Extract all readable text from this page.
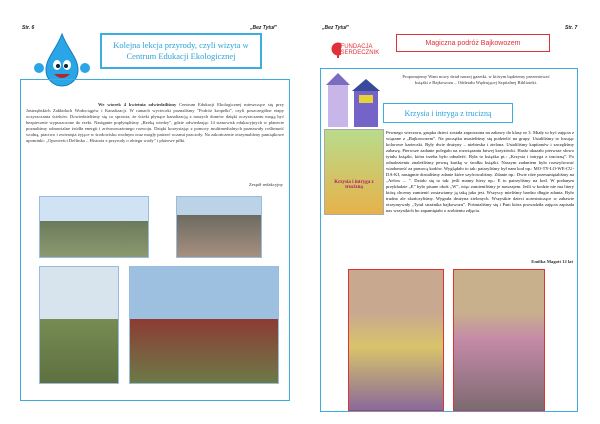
Str. 6	„Bez Tytuł”
Kolejna lekcja przyrody, czyli wizyta w Centrum Edukacji Ekologicznej
We wtorek 4 kwietnia odwiedziliśmy Centrum Edukacji Ekologicznej mieszczące się przy Jastrzębskich Zakładach Wodociągów i Kanalizacji. W ramach wycieczki poznaliśmy "Podróż kropelki", czyli poszczególne etapy oczyszczania ścieków. Dowiedzieliśmy się co sprawia, że ścieki płynące kanalizacją z naszych domów dzięki oczyszczaniu mogą być bezpiecznie wypuszczone do rzeki. Następnie popłynęliśmy „Rzeką wiedzy”, gdzie odwiedzając 14 stanowisk edukacyjnych w planecie poznaliśmy odnawialne źródła energii i zrównoważonego rozwoju. Dzięki korzystając z pomocy multimedialnych poznawały roślinność wodną, ptactwo i zwierzęta żyjące w środowisku wodnym oraz mogły patrzeć oczami pszczoły. Na zakończenie otrzymaliśmy pamiątkowe upominki: „Opowieści Delfinka – Historia z przyrody o obiegu wody” i plażowe piłki.
Zespół redakcyjny
„Bez Tytuł”	Str. 7
FUNDACJA SERDECZNIK
Magiczna podróż Bajkowozem
Proponujemy Wam nowy dział naszej gazetki, w którym będziemy prezentować książki z Bajkowozu – Oddziału Wędrującej Szpitalnej Biblioteki.
Krzysia i intryga z trucizną
Krzysia i intryga z trucizną
Pewnego wieczoru, grupka dzieci została zaproszona na zabawy do klasy nr 3. Miały to być zajęcia z wiązane z „Bajkowozem”. Na początku musieliśmy się podzielić na grupy. Ustaliliśmy to losując kolorowe karteczki. Były dwie drużyny – niebieska i zielona. Ustaliliśmy kapitanów i zaczęliśmy zabawę. Pierwsze zadanie polegało na rozwiązaniu łatwej krzyżówki. Hasło ukazało pierwsze słowo tytułu książki, która trzeba było odnaleźć. Była to książka pt.: „Krzysia i intryga z trucizną”. Po odnalezieniu znaleźliśmy pewną kartkę w środku książki. Naszym zadaniem było rozszyfrować wiadomość za pomocą kodów. Wyglądało to tak: patrzyliśmy był nam kod np.: MO-TY-LO-WE-CU-DA-KI, następnie dostaliśmy zdanie które szyfrowaliśmy. Zdanie np.: Dwie róże przesuniętaliśmy na „Aelow ... ”. Działo się to tak: jeśli mamy litery np.: E to patrzyliśmy na kod. W podanym przykładzie „E” było pisane obok „W”, więc zamieniliśmy je nawzajem. Jeśli w kodzie nie ma litery którą chcemy zamienić zostawiamy ją taką jaka jest. Wszyscy mieliśmy bardzo długie zdania. Było trudno ale skończyliśmy. Wygrała drużyna zielonych. Wszystkie dzieci uczestniczące w zabawie otrzymywały „Tytuł strażnika bajkowozu”. Pośmialiśmy się i Pani która prowadziła zajęcia zapisała nas wszystkich bo zapamiętało o zrobieniu zdjęcia.
Emilka Magott 12 lat
